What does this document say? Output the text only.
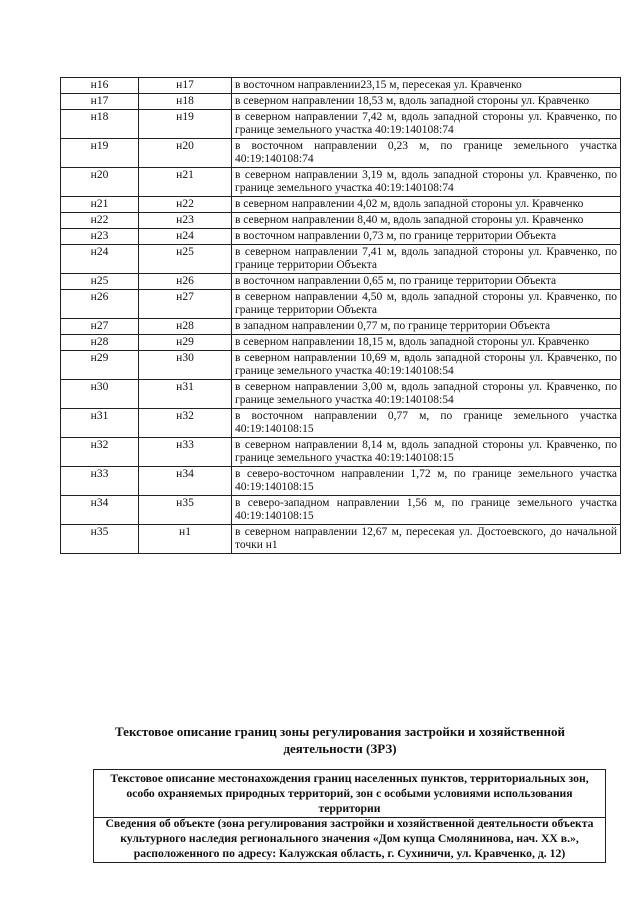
н16	н17	в восточном направлении23,15 м, пересекая ул. Кравченко
н17	н18	в северном направлении 18,53 м, вдоль западной стороны ул. Кравченко
н18	н19	в северном направлении 7,42 м, вдоль западной стороны ул. Кравченко, по границе земельного участка 40:19:140108:74
н19	н20	в восточном направлении 0,23 м, по границе земельного участка 40:19:140108:74
н20	н21	в северном направлении 3,19 м, вдоль западной стороны ул. Кравченко, по границе земельного участка 40:19:140108:74
н21	н22	в северном направлении 4,02 м, вдоль западной стороны ул. Кравченко
н22	н23	в северном направлении 8,40 м, вдоль западной стороны ул. Кравченко
н23	н24	в восточном направлении 0,73 м, по границе территории Объекта
н24	н25	в северном направлении 7,41 м, вдоль западной стороны ул. Кравченко, по границе территории Объекта
н25	н26	в восточном направлении 0,65 м, по границе территории Объекта
н26	н27	в северном направлении 4,50 м, вдоль западной стороны ул. Кравченко, по границе территории Объекта
н27	н28	в западном направлении 0,77 м, по границе территории Объекта
н28	н29	в северном направлении 18,15 м, вдоль западной стороны ул. Кравченко
н29	н30	в северном направлении 10,69 м, вдоль западной стороны ул. Кравченко, по границе земельного участка 40:19:140108:54
н30	н31	в северном направлении 3,00 м, вдоль западной стороны ул. Кравченко, по границе земельного участка 40:19:140108:54
н31	н32	в восточном направлении 0,77 м, по границе земельного участка 40:19:140108:15
н32	н33	в северном направлении 8,14 м, вдоль западной стороны ул. Кравченко, по границе земельного участка 40:19:140108:15
н33	н34	в северо-восточном направлении 1,72 м, по границе земельного участка 40:19:140108:15
н34	н35	в северо-западном направлении 1,56 м, по границе земельного участка 40:19:140108:15
н35	н1	в северном направлении 12,67 м, пересекая ул. Достоевского, до начальной точки н1
Текстовое описание границ зоны регулирования застройки и хозяйственной деятельности (ЗРЗ)
Текстовое описание местонахождения границ населенных пунктов, территориальных зон, особо охраняемых природных территорий, зон с особыми условиями использования территории
Сведения об объекте (зона регулирования застройки и хозяйственной деятельности объекта культурного наследия регионального значения «Дом купца Смолянинова, нач. XX в.», расположенного по адресу: Калужская область, г. Сухиничи, ул. Кравченко, д. 12)
